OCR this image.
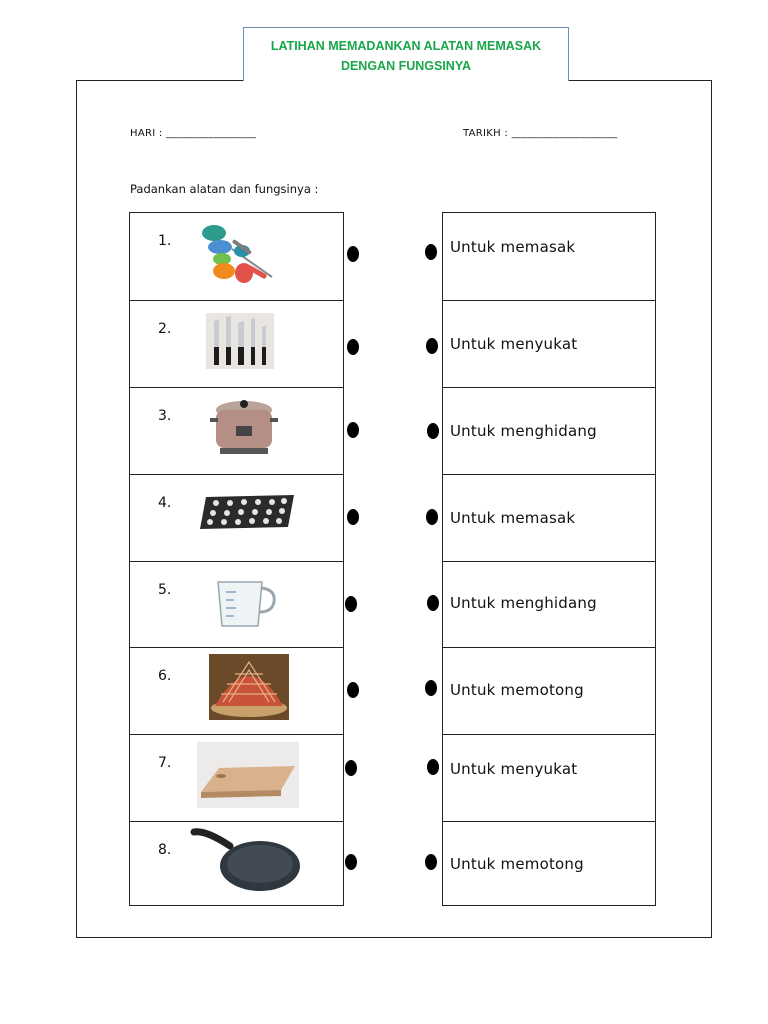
LATIHAN MEMADANKAN ALATAN MEMASAK
DENGAN FUNGSINYA
HARI : _________________	TARIKH : ____________________
Padankan alatan dan fungsinya :
1.
2.
3.
4.
5.
6.
7.
8.
Untuk memasak
Untuk menyukat
Untuk menghidang
Untuk memasak
Untuk menghidang
Untuk memotong
Untuk menyukat
Untuk memotong
